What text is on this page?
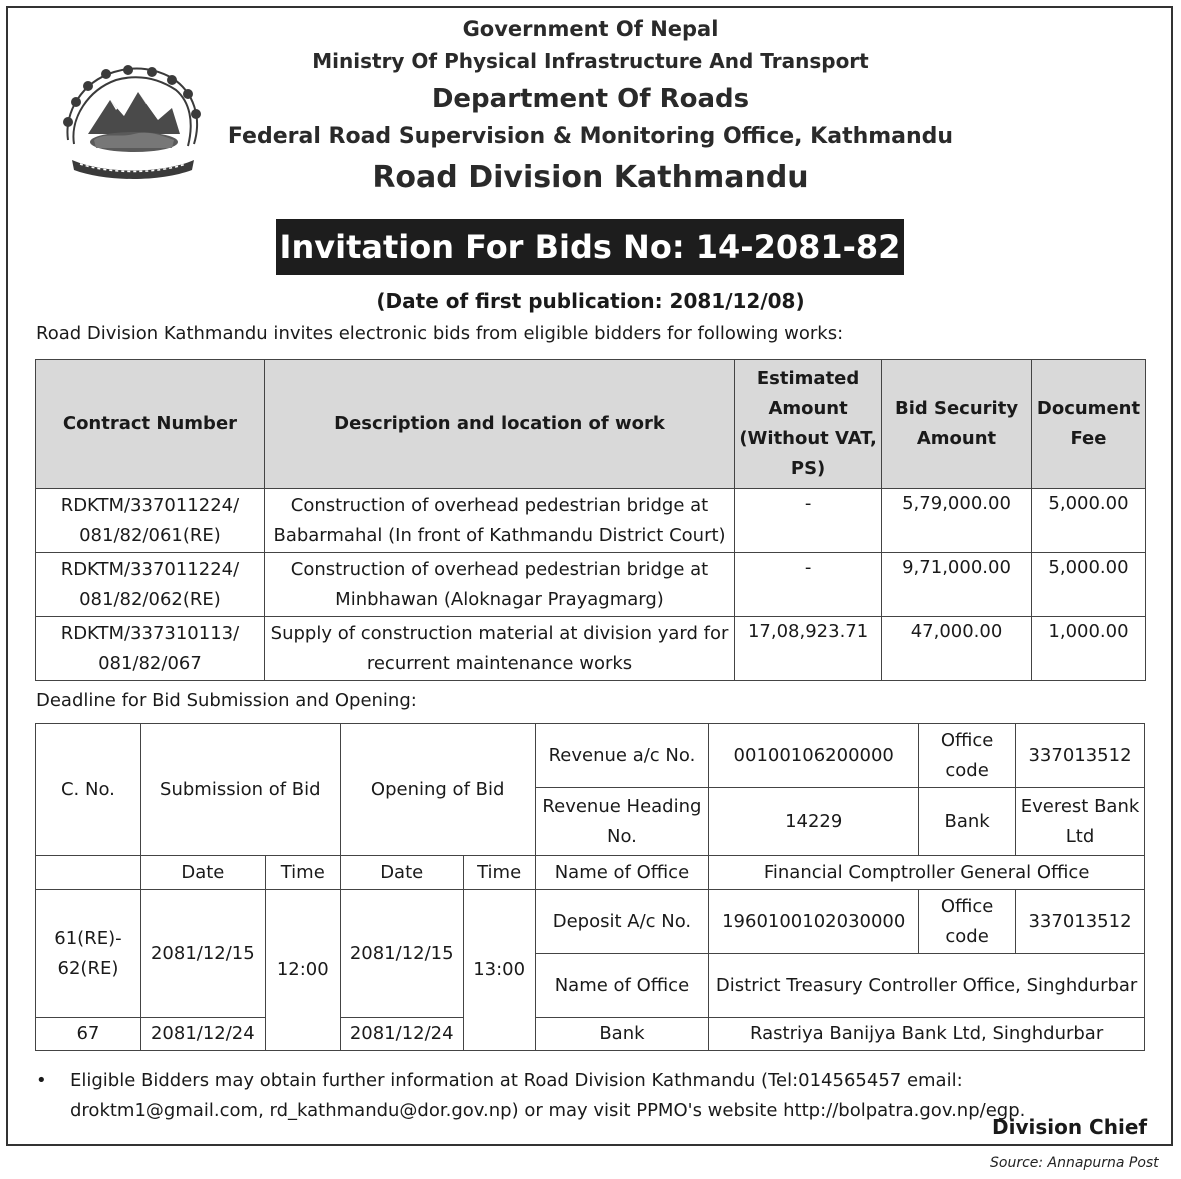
Government Of Nepal
Ministry Of Physical Infrastructure And Transport
Department Of Roads
Federal Road Supervision & Monitoring Office, Kathmandu
Road Division Kathmandu
Invitation For Bids No: 14-2081-82
(Date of first publication: 2081/12/08)
Road Division Kathmandu invites electronic bids from eligible bidders for following works:
Contract Number	Description and location of work	Estimated Amount (Without VAT, PS)	Bid Security Amount	Document Fee
RDKTM/337011224/ 081/82/061(RE)	Construction of overhead pedestrian bridge at Babarmahal (In front of Kathmandu District Court)	-	5,79,000.00	5,000.00
RDKTM/337011224/ 081/82/062(RE)	Construction of overhead pedestrian bridge at Minbhawan (Aloknagar Prayagmarg)	-	9,71,000.00	5,000.00
RDKTM/337310113/ 081/82/067	Supply of construction material at division yard for recurrent maintenance works	17,08,923.71	47,000.00	1,000.00
Deadline for Bid Submission and Opening:
C. No.	Submission of Bid		Opening of Bid		Revenue a/c No.	00100106200000	Office code	337013512
					Revenue Heading No.	14229	Bank	Everest Bank Ltd
	Date	Time	Date	Time	Name of Office	Financial Comptroller General Office		
61(RE)- 62(RE)	2081/12/15	12:00	2081/12/15	13:00	Deposit A/c No.	1960100102030000	Office code	337013512
					Name of Office	District Treasury Controller Office, Singhdurbar		
67	2081/12/24		2081/12/24		Bank	Rastriya Banijya Bank Ltd, Singhdurbar		
• Eligible Bidders may obtain further information at Road Division Kathmandu (Tel:014565457 email: droktm1@gmail.com, rd_kathmandu@dor.gov.np) or may visit PPMO's website http://bolpatra.gov.np/egp.
Division Chief
Source: Annapurna Post
